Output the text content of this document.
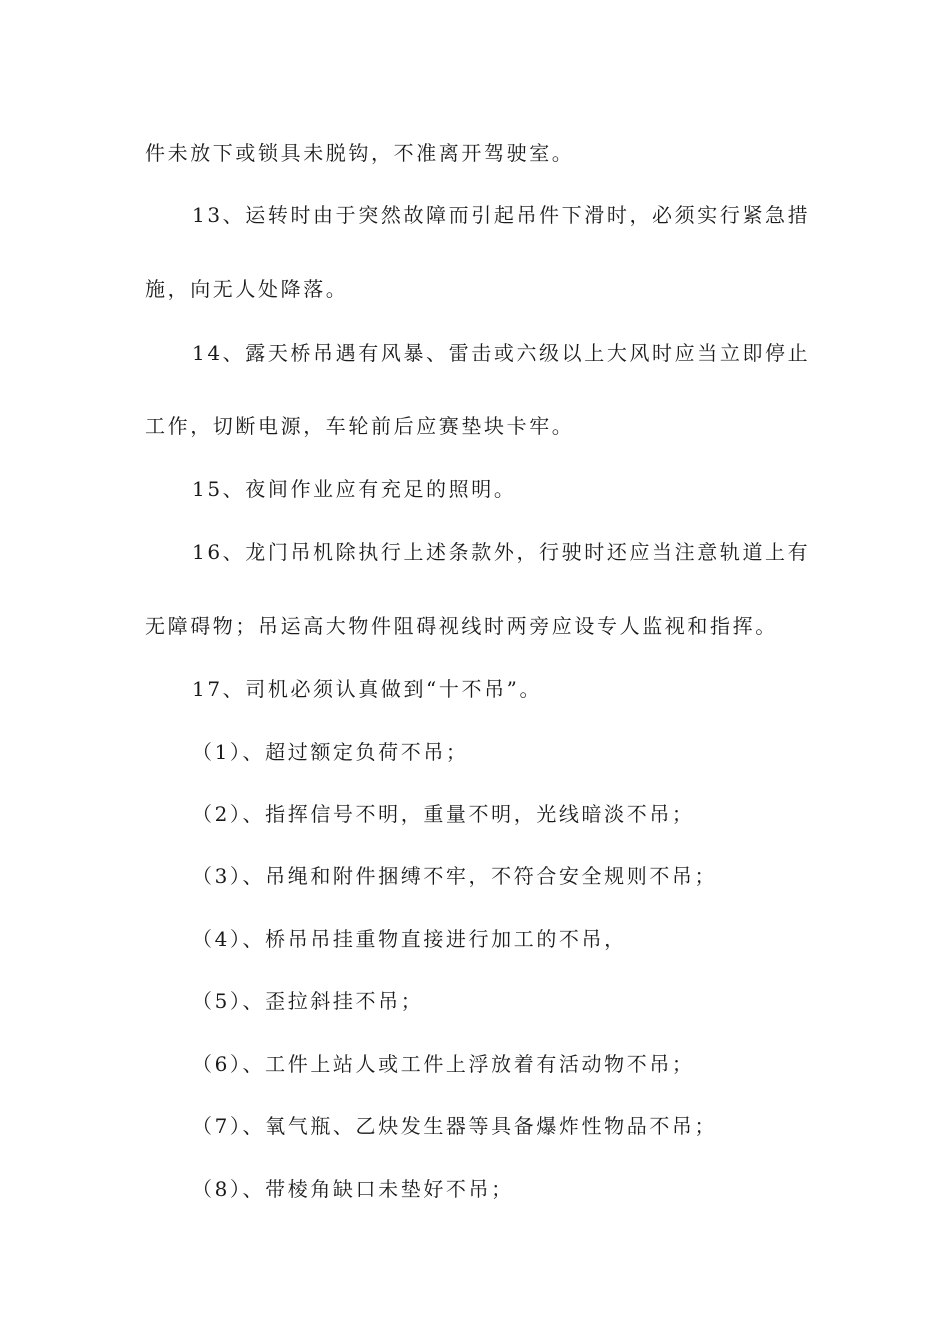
件未放下或锁具未脱钩，不准离开驾驶室。
13、运转时由于突然故障而引起吊件下滑时，必须实行紧急措
施，向无人处降落。
14、露天桥吊遇有风暴、雷击或六级以上大风时应当立即停止
工作，切断电源，车轮前后应赛垫块卡牢。
15、夜间作业应有充足的照明。
16、龙门吊机除执行上述条款外，行驶时还应当注意轨道上有
无障碍物；吊运高大物件阻碍视线时两旁应设专人监视和指挥。
17、司机必须认真做到“十不吊”。
（1）、超过额定负荷不吊；
（2）、指挥信号不明，重量不明，光线暗淡不吊；
（3）、吊绳和附件捆缚不牢，不符合安全规则不吊；
（4）、桥吊吊挂重物直接进行加工的不吊，
（5）、歪拉斜挂不吊；
（6）、工件上站人或工件上浮放着有活动物不吊；
（7）、氧气瓶、乙炔发生器等具备爆炸性物品不吊；
（8）、带棱角缺口未垫好不吊；
